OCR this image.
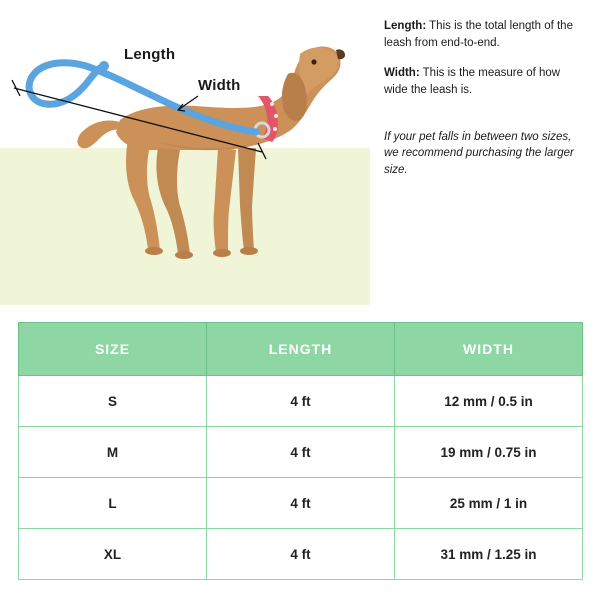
Length
Width

Length: This is the total length of the leash from end-to-end.

Width: This is the measure of how wide the leash is.

If your pet falls in between two sizes, we recommend purchasing the larger size.

SIZE	LENGTH	WIDTH
S	4 ft	12 mm / 0.5 in
M	4 ft	19 mm / 0.75 in
L	4 ft	25 mm / 1 in
XL	4 ft	31 mm / 1.25 in
